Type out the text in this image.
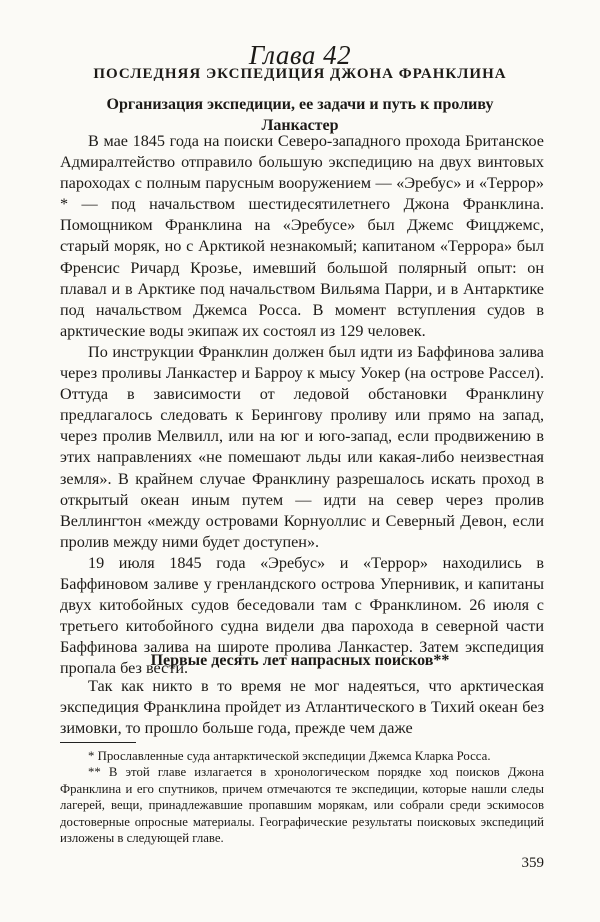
Глава 42
ПОСЛЕДНЯЯ ЭКСПЕДИЦИЯ ДЖОНА ФРАНКЛИНА
Организация экспедиции, ее задачи и путь к проливу Ланкастер

В мае 1845 года на поиски Северо-западного прохода Британское Адмиралтейство отправило большую экспедицию на двух винтовых пароходах с полным парусным вооружением — «Эребус» и «Террор» * — под начальством шестидесятилетнего Джона Франклина. Помощником Франклина на «Эребусе» был Джемс Фицджемс, старый моряк, но с Арктикой незнакомый; капитаном «Террора» был Френсис Ричард Крозье, имевший большой полярный опыт: он плавал и в Арктике под начальством Вильяма Парри, и в Антарктике под начальством Джемса Росса. В момент вступления судов в арктические воды экипаж их состоял из 129 человек.

По инструкции Франклин должен был идти из Баффинова залива через проливы Ланкастер и Барроу к мысу Уокер (на острове Рассел). Оттуда в зависимости от ледовой обстановки Франклину предлагалось следовать к Берингову проливу или прямо на запад, через пролив Мелвилл, или на юг и юго-запад, если продвижению в этих направлениях «не помешают льды или какая-либо неизвестная земля». В крайнем случае Франклину разрешалось искать проход в открытый океан иным путем — идти на север через пролив Веллингтон «между островами Корнуоллис и Северный Девон, если пролив между ними будет доступен».

19 июля 1845 года «Эребус» и «Террор» находились в Баффиновом заливе у гренландского острова Упернивик, и капитаны двух китобойных судов беседовали там с Франклином. 26 июля с третьего китобойного судна видели два парохода в северной части Баффинова залива на широте пролива Ланкастер. Затем экспедиция пропала без вести.

Первые десять лет напрасных поисков**

Так как никто в то время не мог надеяться, что арктическая экспедиция Франклина пройдет из Атлантического в Тихий океан без зимовки, то прошло больше года, прежде чем даже

* Прославленные суда антарктической экспедиции Джемса Кларка Росса.

** В этой главе излагается в хронологическом порядке ход поисков Джона Франклина и его спутников, причем отмечаются те экспедиции, которые нашли следы лагерей, вещи, принадлежавшие пропавшим морякам, или собрали среди эскимосов достоверные опросные материалы. Географические результаты поисковых экспедиций изложены в следующей главе.

359
